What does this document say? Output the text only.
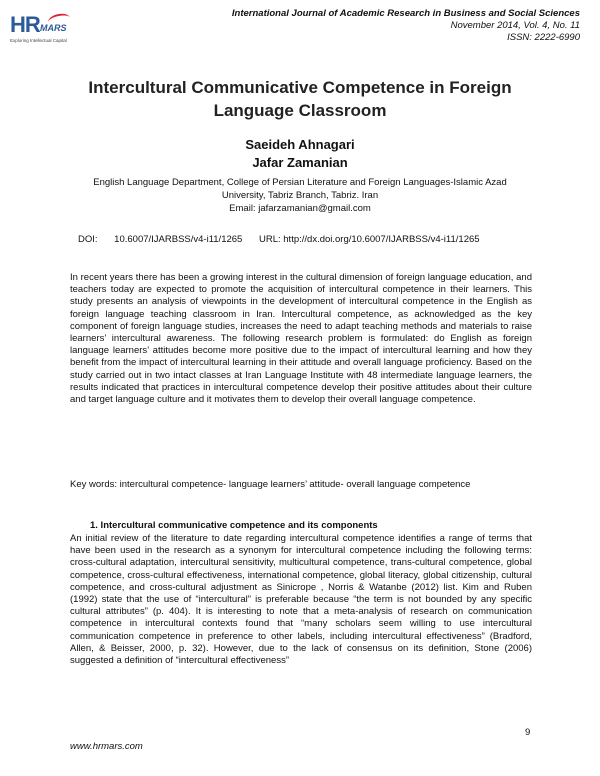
HR MARS
Exploring Intellectual Capital
International Journal of Academic Research in Business and Social Sciences
November 2014, Vol. 4, No. 11
ISSN: 2222-6990
Intercultural Communicative Competence in Foreign Language Classroom
Saeideh Ahnagari
Jafar Zamanian
English Language Department, College of Persian Literature and Foreign Languages-Islamic Azad
University, Tabriz Branch, Tabriz. Iran
Email: jafarzamanian@gmail.com
DOI: 10.6007/IJARBSS/v4-i11/1265 URL: http://dx.doi.org/10.6007/IJARBSS/v4-i11/1265
In recent years there has been a growing interest in the cultural dimension of foreign language education, and teachers today are expected to promote the acquisition of intercultural competence in their learners. This study presents an analysis of viewpoints in the development of intercultural competence in the English as foreign language teaching classroom in Iran. Intercultural competence, as acknowledged as the key component of foreign language studies, increases the need to adapt teaching methods and materials to raise learners’ intercultural awareness. The following research problem is formulated: do English as foreign language learners’ attitudes become more positive due to the impact of intercultural learning and how they benefit from the impact of intercultural learning in their attitude and overall language proficiency. Based on the study carried out in two intact classes at Iran Language Institute with 48 intermediate language learners, the results indicated that practices in intercultural competence develop their positive attitudes about their culture and target language culture and it motivates them to develop their overall language competence.
Key words: intercultural competence- language learners’ attitude- overall language competence
1. Intercultural communicative competence and its components
An initial review of the literature to date regarding intercultural competence identifies a range of terms that have been used in the research as a synonym for intercultural competence including the following terms: cross-cultural adaptation, intercultural sensitivity, multicultural competence, trans-cultural competence, global competence, cross-cultural effectiveness, international competence, global literacy, global citizenship, cultural competence, and cross-cultural adjustment as Sinicrope , Norris & Watanbe (2012) list. Kim and Ruben (1992) state that the use of “intercultural” is preferable because “the term is not bounded by any specific cultural attributes” (p. 404). It is interesting to note that a meta-analysis of research on communication competence in intercultural contexts found that “many scholars seem willing to use intercultural communication competence in preference to other labels, including intercultural effectiveness” (Bradford, Allen, & Beisser, 2000, p. 32). However, due to the lack of consensus on its definition, Stone (2006) suggested a definition of “intercultural effectiveness”
9
www.hrmars.com
